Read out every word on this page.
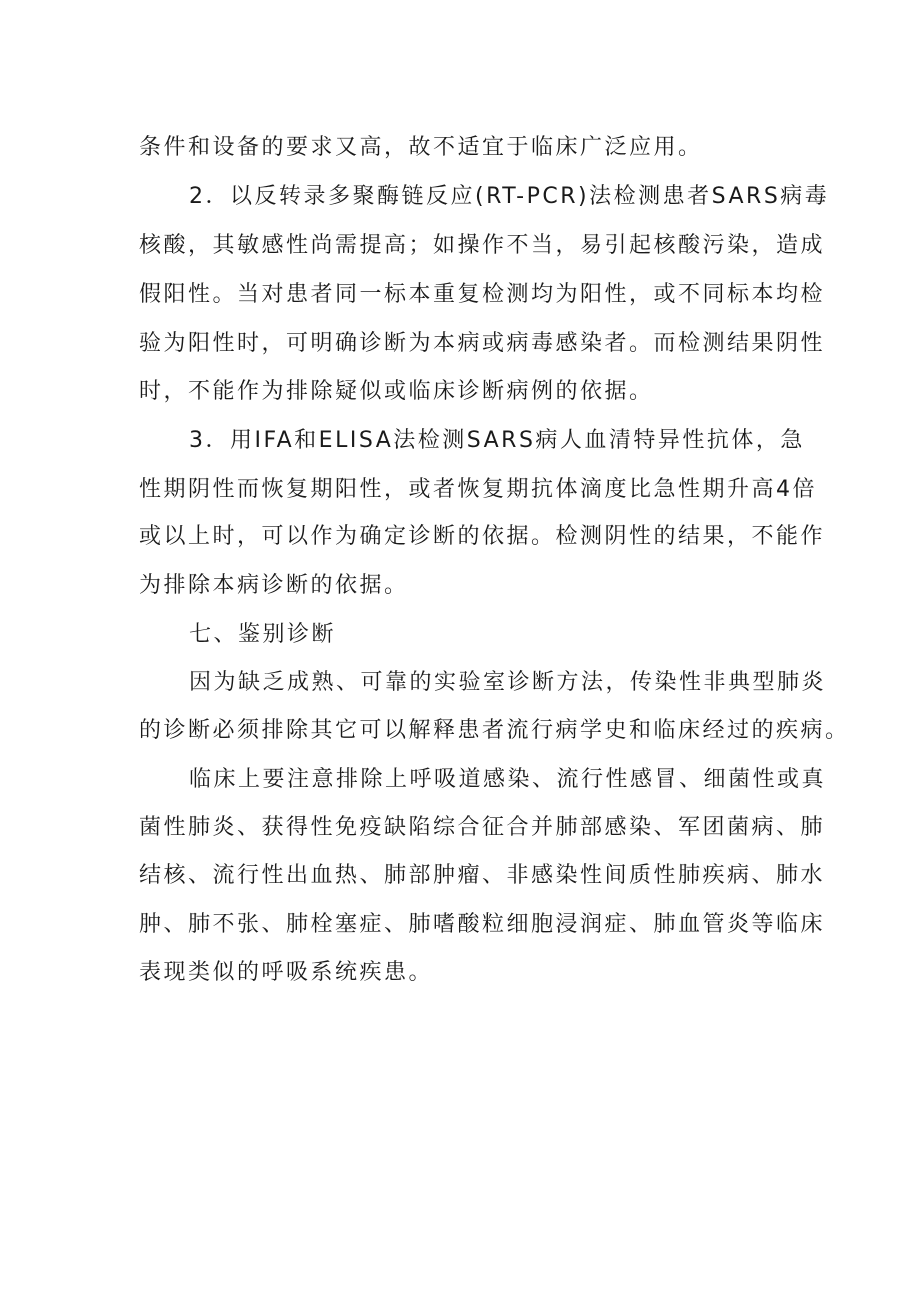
条件和设备的要求又高，故不适宜于临床广泛应用。
2．以反转录多聚酶链反应(RT-PCR)法检测患者SARS病毒
核酸，其敏感性尚需提高；如操作不当，易引起核酸污染，造成
假阳性。当对患者同一标本重复检测均为阳性，或不同标本均检
验为阳性时，可明确诊断为本病或病毒感染者。而检测结果阴性
时，不能作为排除疑似或临床诊断病例的依据。
3．用IFA和ELISA法检测SARS病人血清特异性抗体，急
性期阴性而恢复期阳性，或者恢复期抗体滴度比急性期升高4倍
或以上时，可以作为确定诊断的依据。检测阴性的结果，不能作
为排除本病诊断的依据。
七、鉴别诊断
因为缺乏成熟、可靠的实验室诊断方法，传染性非典型肺炎
的诊断必须排除其它可以解释患者流行病学史和临床经过的疾病。
临床上要注意排除上呼吸道感染、流行性感冒、细菌性或真
菌性肺炎、获得性免疫缺陷综合征合并肺部感染、军团菌病、肺
结核、流行性出血热、肺部肿瘤、非感染性间质性肺疾病、肺水
肿、肺不张、肺栓塞症、肺嗜酸粒细胞浸润症、肺血管炎等临床
表现类似的呼吸系统疾患。
